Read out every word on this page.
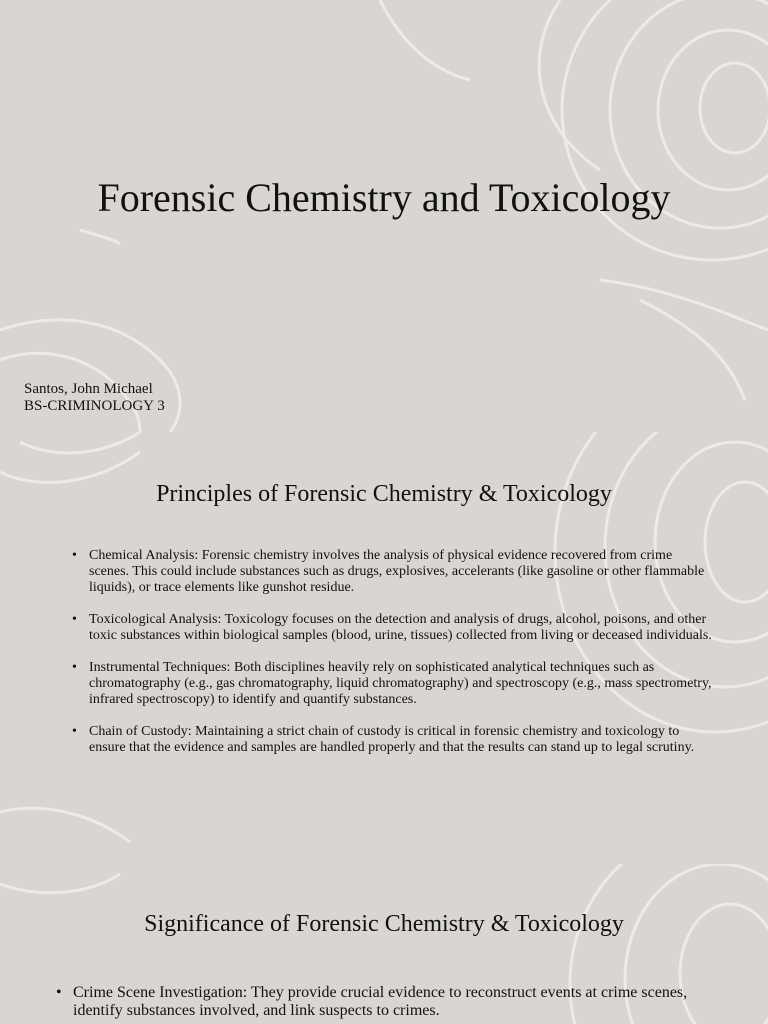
Forensic Chemistry and Toxicology
Santos, John Michael
BS-CRIMINOLOGY 3
Principles of Forensic Chemistry & Toxicology
• Chemical Analysis: Forensic chemistry involves the analysis of physical evidence recovered from crime scenes. This could include substances such as drugs, explosives, accelerants (like gasoline or other flammable liquids), or trace elements like gunshot residue.
• Toxicological Analysis: Toxicology focuses on the detection and analysis of drugs, alcohol, poisons, and other toxic substances within biological samples (blood, urine, tissues) collected from living or deceased individuals.
• Instrumental Techniques: Both disciplines heavily rely on sophisticated analytical techniques such as chromatography (e.g., gas chromatography, liquid chromatography) and spectroscopy (e.g., mass spectrometry, infrared spectroscopy) to identify and quantify substances.
• Chain of Custody: Maintaining a strict chain of custody is critical in forensic chemistry and toxicology to ensure that the evidence and samples are handled properly and that the results can stand up to legal scrutiny.
Significance of Forensic Chemistry & Toxicology
• Crime Scene Investigation: They provide crucial evidence to reconstruct events at crime scenes, identify substances involved, and link suspects to crimes.
